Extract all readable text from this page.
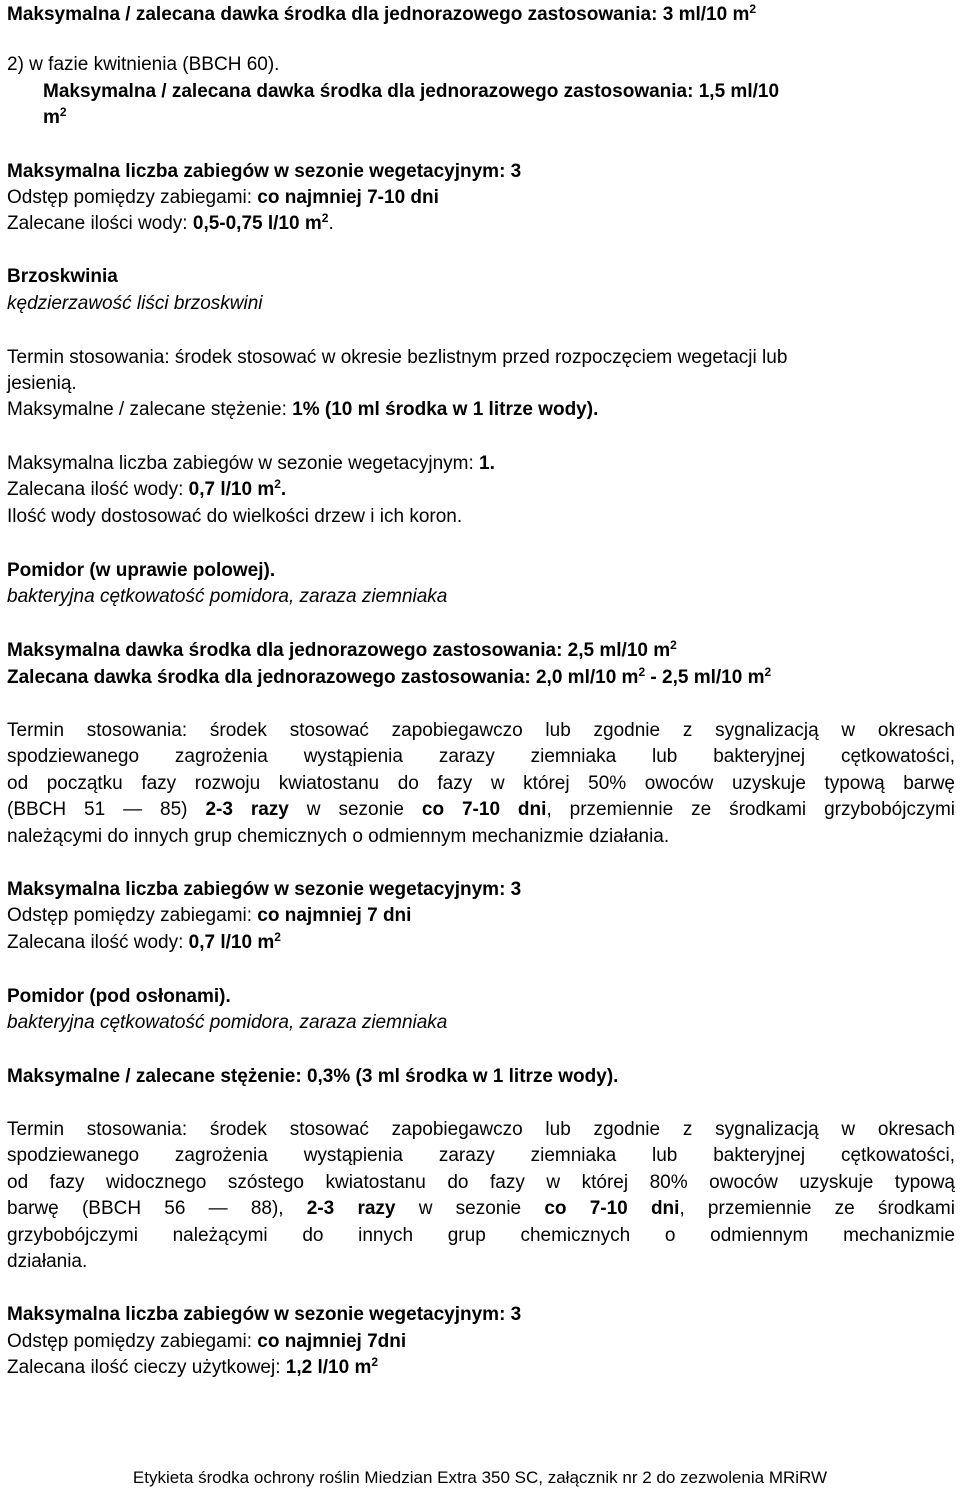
Maksymalna / zalecana dawka środka dla jednorazowego zastosowania: 3 ml/10 $m^2$
2) w fazie kwitnienia (BBCH 60).
Maksymalna / zalecana dawka środka dla jednorazowego zastosowania: 1,5 ml/10
$m^2$
Maksymalna liczba zabiegów w sezonie wegetacyjnym: 3
Odstęp pomiędzy zabiegami: co najmniej 7-10 dni
Zalecane ilości wody: 0,5-0,75 l/10 $m^2$.
Brzoskwinia
kędzierzawość liści brzoskwini
Termin stosowania: środek stosować w okresie bezlistnym przed rozpoczęciem wegetacji lub
jesienią.
Maksymalne / zalecane stężenie: 1% (10 ml środka w 1 litrze wody).
Maksymalna liczba zabiegów w sezonie wegetacyjnym: 1.
Zalecana ilość wody: 0,7 l/10 $m^2$.
Ilość wody dostosować do wielkości drzew i ich koron.
Pomidor (w uprawie polowej).
bakteryjna cętkowatość pomidora, zaraza ziemniaka
Maksymalna dawka środka dla jednorazowego zastosowania: 2,5 ml/10 $m^2$
Zalecana dawka środka dla jednorazowego zastosowania: 2,0 ml/10 $m^2 - 2,5$ ml/10 $m^2$
Termin stosowania: środek stosować zapobiegawczo lub zgodnie z sygnalizacją w okresach
spodziewanego zagrożenia wystąpienia zarazy ziemniaka lub bakteryjnej cętkowatości,
od początku fazy rozwoju kwiatostanu do fazy w której 50% owoców uzyskuje typową barwę
(BBCH 51 — 85) 2-3 razy w sezonie co 7-10 dni, przemiennie ze środkami grzybobójczymi
należącymi do innych grup chemicznych o odmiennym mechanizmie działania.
Maksymalna liczba zabiegów w sezonie wegetacyjnym: 3
Odstęp pomiędzy zabiegami: co najmniej 7 dni
Zalecana ilość wody: 0,7 l/10 $m^2$
Pomidor (pod osłonami).
bakteryjna cętkowatość pomidora, zaraza ziemniaka
Maksymalne / zalecane stężenie: 0,3% (3 ml środka w 1 litrze wody).
Termin stosowania: środek stosować zapobiegawczo lub zgodnie z sygnalizacją w okresach
spodziewanego zagrożenia wystąpienia zarazy ziemniaka lub bakteryjnej cętkowatości,
od fazy widocznego szóstego kwiatostanu do fazy w której 80% owoców uzyskuje typową
barwę (BBCH 56 — 88), 2-3 razy w sezonie co 7-10 dni, przemiennie ze środkami
grzybobójczymi należącymi do innych grup chemicznych o odmiennym mechanizmie
działania.
Maksymalna liczba zabiegów w sezonie wegetacyjnym: 3
Odstęp pomiędzy zabiegami: co najmniej 7dni
Zalecana ilość cieczy użytkowej: 1,2 l/10 $m^2$
Etykieta środka ochrony roślin Miedzian Extra 350 SC, załącznik nr 2 do zezwolenia MRiRW
